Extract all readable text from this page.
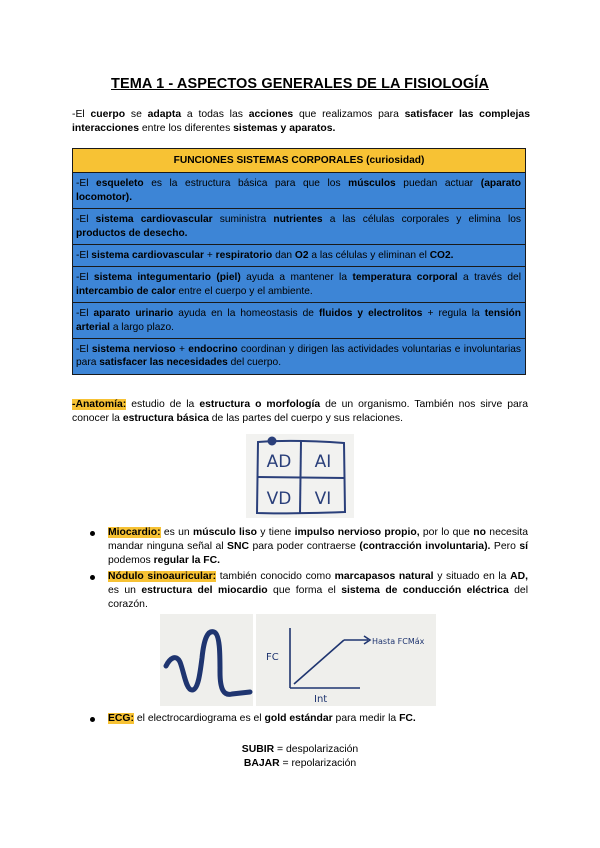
TEMA 1 - ASPECTOS GENERALES DE LA FISIOLOGÍA
-El cuerpo se adapta a todas las acciones que realizamos para satisfacer las complejas interacciones entre los diferentes sistemas y aparatos.
FUNCIONES SISTEMAS CORPORALES (curiosidad)
-El esqueleto es la estructura básica para que los músculos puedan actuar (aparato locomotor).
-El sistema cardiovascular suministra nutrientes a las células corporales y elimina los productos de desecho.
-El sistema cardiovascular + respiratorio dan O2 a las células y eliminan el CO2.
-El sistema integumentario (piel) ayuda a mantener la temperatura corporal a través del intercambio de calor entre el cuerpo y el ambiente.
-El aparato urinario ayuda en la homeostasis de fluidos y electrolitos + regula la tensión arterial a largo plazo.
-El sistema nervioso + endocrino coordinan y dirigen las actividades voluntarias e involuntarias para satisfacer las necesidades del cuerpo.
-Anatomía: estudio de la estructura o morfología de un organismo. También nos sirve para conocer la estructura básica de las partes del cuerpo y sus relaciones.
AD AI
VD VI
Miocardio: es un músculo liso y tiene impulso nervioso propio, por lo que no necesita mandar ninguna señal al SNC para poder contraerse (contracción involuntaria). Pero sí podemos regular la FC.
Nódulo sinoauricular: también conocido como marcapasos natural y situado en la AD, es un estructura del miocardio que forma el sistema de conducción eléctrica del corazón.
FC
Int
Hasta FCMáx
ECG: el electrocardiograma es el gold estándar para medir la FC.
SUBIR = despolarización
BAJAR = repolarización
